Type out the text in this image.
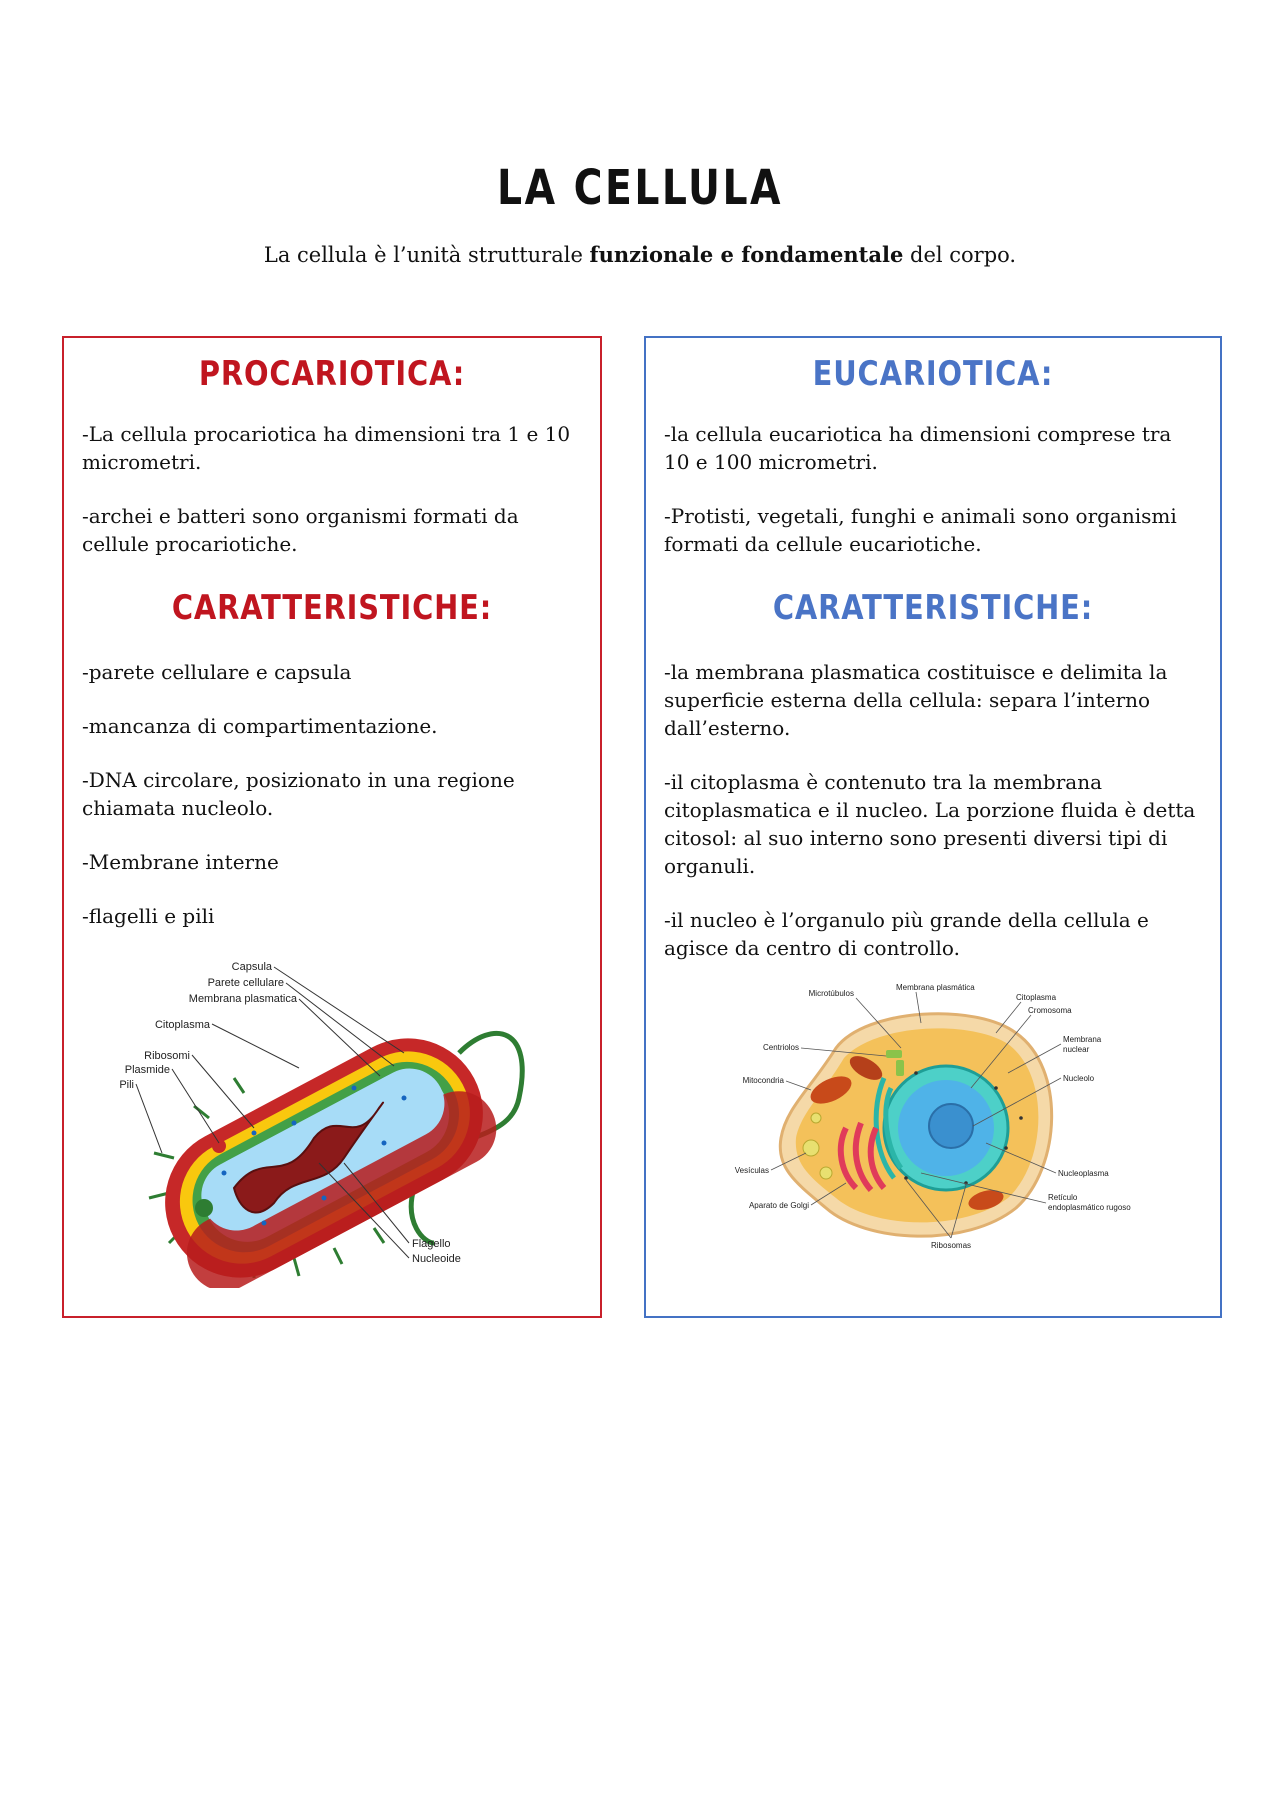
LA CELLULA
La cellula è l’unità strutturale funzionale e fondamentale del corpo.
PROCARIOTICA:
-La cellula procariotica ha dimensioni tra 1 e 10 micrometri.
-archei e batteri sono organismi formati da cellule procariotiche.
CARATTERISTICHE:
-parete cellulare e capsula
-mancanza di compartimentazione.
-DNA circolare, posizionato in una regione chiamata nucleolo.
-Membrane interne
-flagelli e pili
Capsula
Parete cellulare
Membrana plasmatica
Citoplasma
Ribosomi
Plasmide
Pili
Flagello
Nucleoide
EUCARIOTICA:
-la cellula eucariotica ha dimensioni comprese tra 10 e 100 micrometri.
-Protisti, vegetali, funghi e animali sono organismi formati da cellule eucariotiche.
CARATTERISTICHE:
-la membrana plasmatica costituisce e delimita la superficie esterna della cellula: separa l’interno dall’esterno.
-il citoplasma è contenuto tra la membrana citoplasmatica e il nucleo. La porzione fluida è detta citosol: al suo interno sono presenti diversi tipi di organuli.
-il nucleo è l’organulo più grande della cellula e agisce da centro di controllo.
Microtúbulos
Membrana plasmática
Citoplasma
Cromosoma
Centriolos
Membrana
nuclear
Mitocondria	Nucleolo
Vesículas	Nucleoplasma
Aparato de Golgi
Retículo
endoplasmático rugoso
Ribosomas
